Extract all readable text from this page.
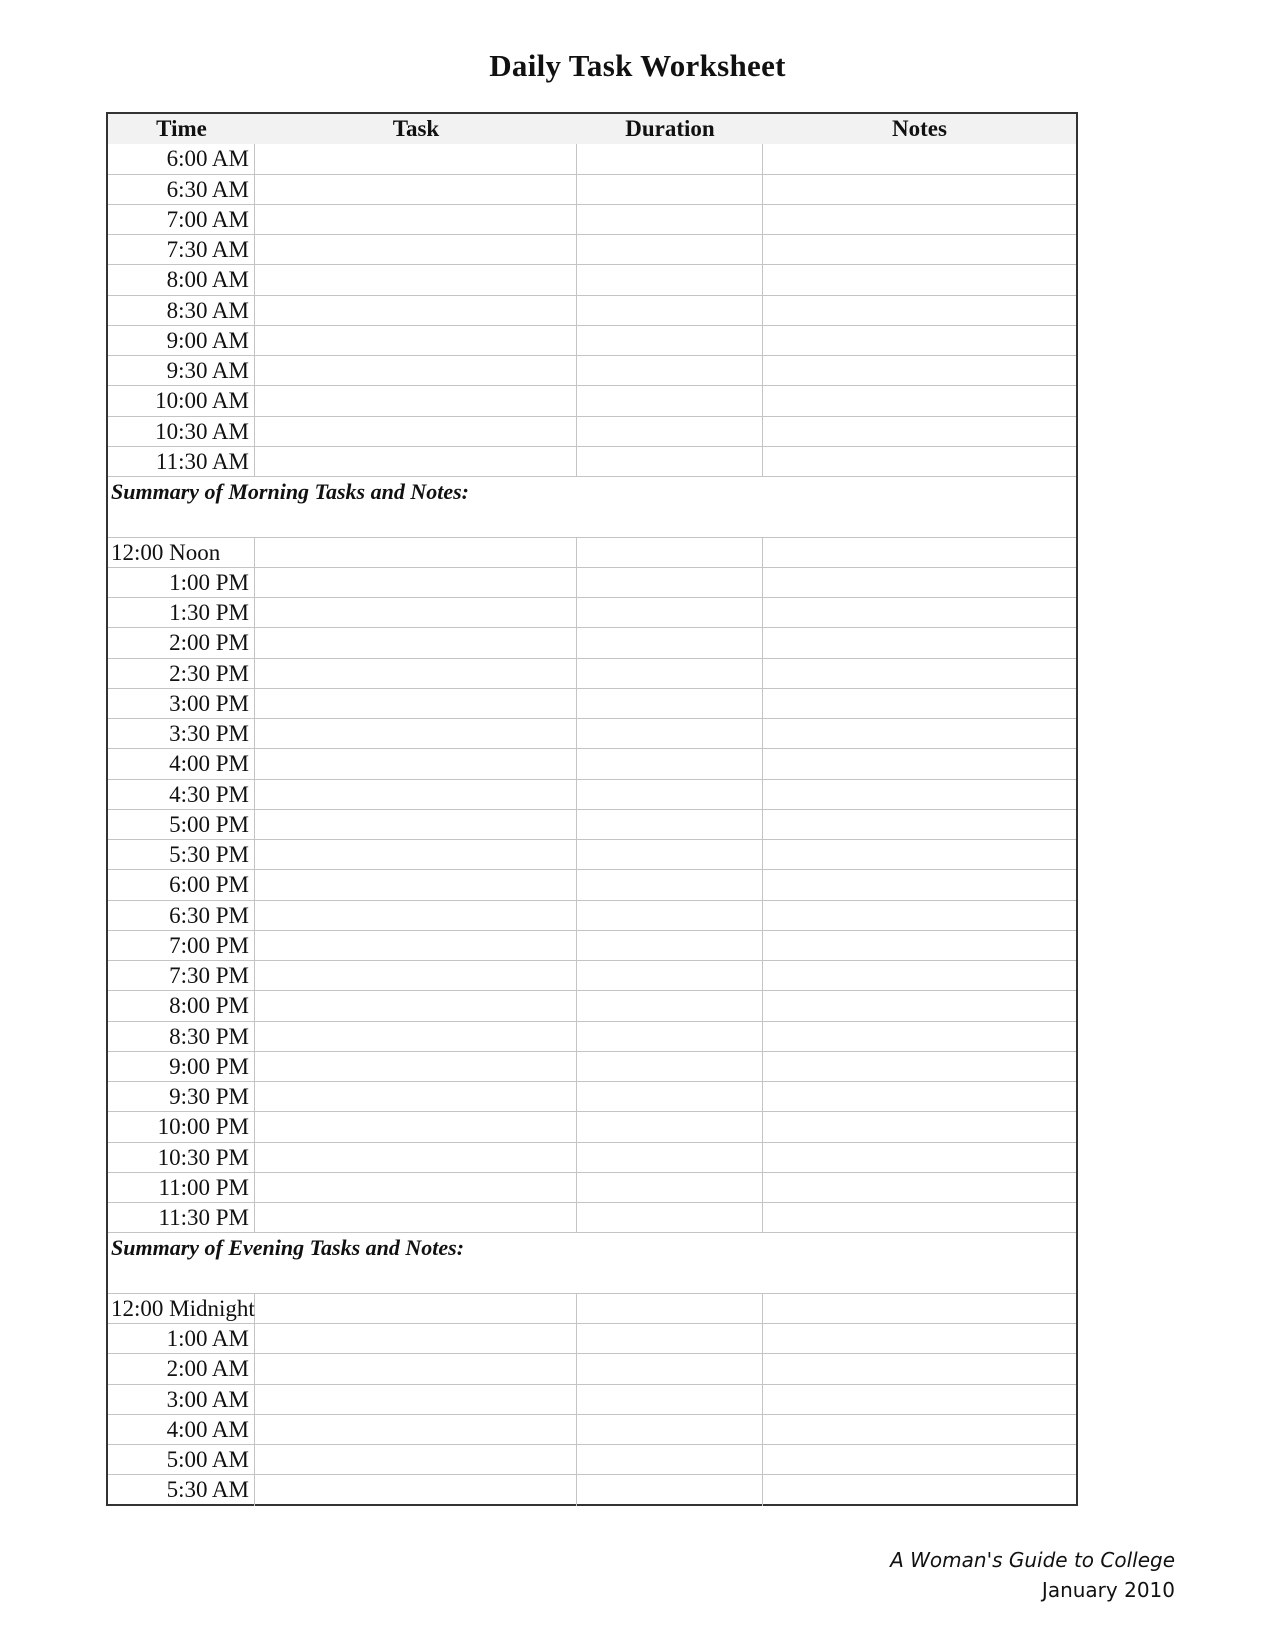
Daily Task Worksheet
Time	Task	Duration	Notes
6:00 AM
6:30 AM
7:00 AM
7:30 AM
8:00 AM
8:30 AM
9:00 AM
9:30 AM
10:00 AM
10:30 AM
11:30 AM
Summary of Morning Tasks and Notes:
12:00 Noon
1:00 PM
1:30 PM
2:00 PM
2:30 PM
3:00 PM
3:30 PM
4:00 PM
4:30 PM
5:00 PM
5:30 PM
6:00 PM
6:30 PM
7:00 PM
7:30 PM
8:00 PM
8:30 PM
9:00 PM
9:30 PM
10:00 PM
10:30 PM
11:00 PM
11:30 PM
Summary of Evening Tasks and Notes:
12:00 Midnight
1:00 AM
2:00 AM
3:00 AM
4:00 AM
5:00 AM
5:30 AM
A Woman's Guide to College
January 2010
